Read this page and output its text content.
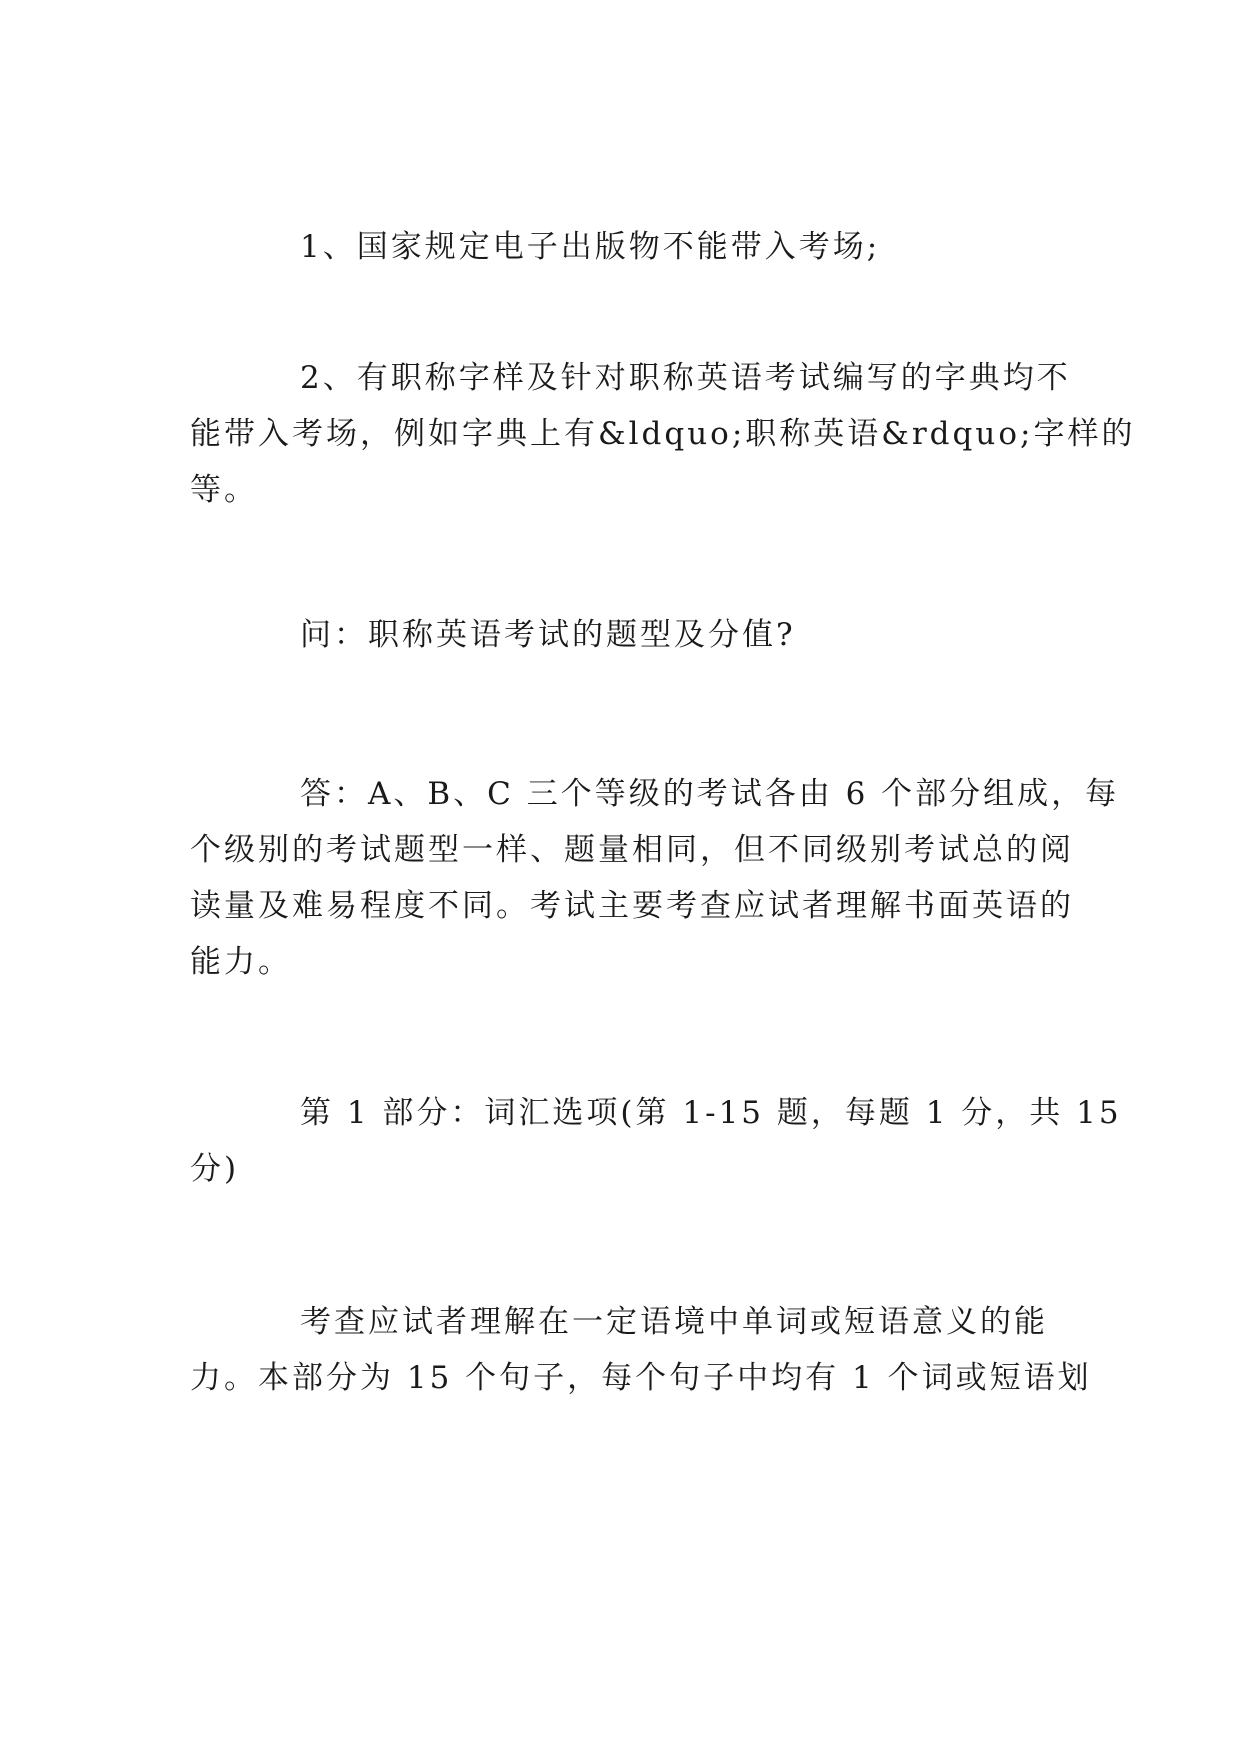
1、国家规定电子出版物不能带入考场;
2、有职称字样及针对职称英语考试编写的字典均不
能带入考场，例如字典上有&ldquo;职称英语&rdquo;字样的
等。
问：职称英语考试的题型及分值?
答：A、B、C 三个等级的考试各由 6 个部分组成，每
个级别的考试题型一样、题量相同，但不同级别考试总的阅
读量及难易程度不同。考试主要考查应试者理解书面英语的
能力。
第 1 部分：词汇选项(第 1-15 题，每题 1 分，共 15
分)
考查应试者理解在一定语境中单词或短语意义的能
力。本部分为 15 个句子，每个句子中均有 1 个词或短语划
